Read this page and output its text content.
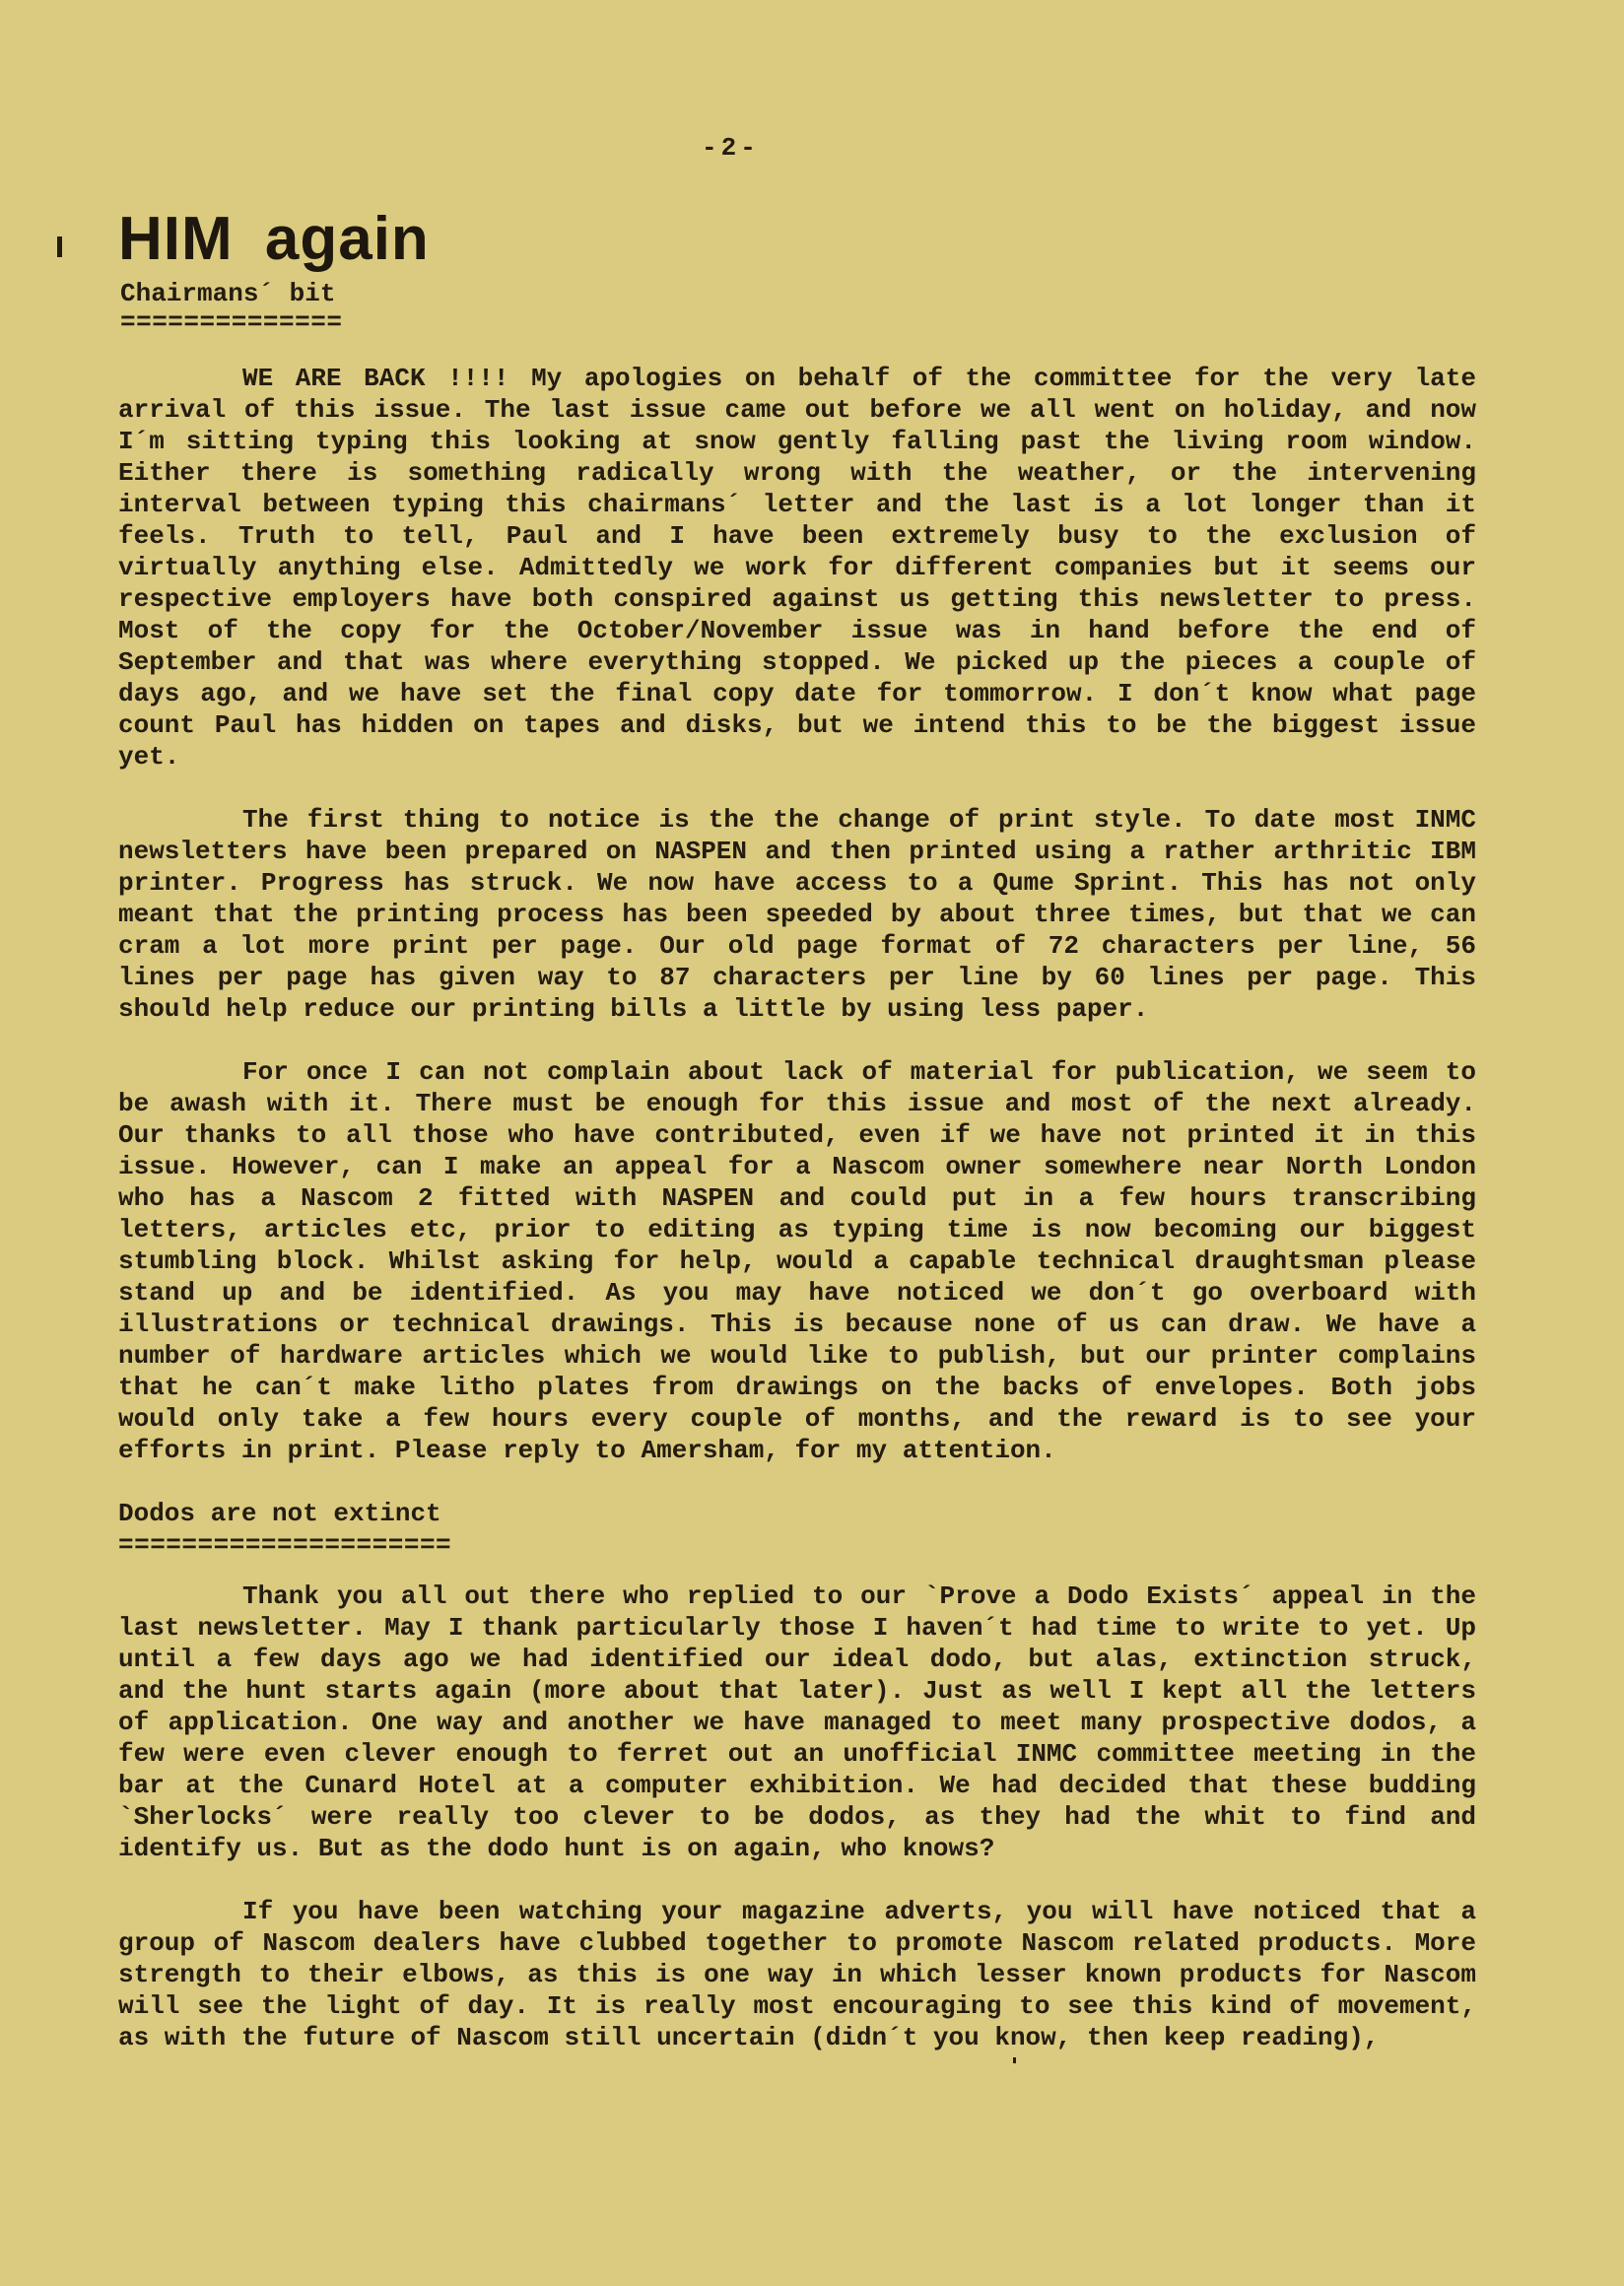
-2-
HIM again
Chairmans´ bit
==============
WE ARE BACK !!!! My apologies on behalf of the committee for the very late
arrival of this issue. The last issue came out before we all went on holiday, and now
I´m sitting typing this looking at snow gently falling past the living room window.
Either there is something radically wrong with the weather, or the intervening
interval between typing this chairmans´ letter and the last is a lot longer than it
feels. Truth to tell, Paul and I have been extremely busy to the exclusion of
virtually anything else. Admittedly we work for different companies but it seems our
respective employers have both conspired against us getting this newsletter to press.
Most of the copy for the October/November issue was in hand before the end of
September and that was where everything stopped. We picked up the pieces a couple of
days ago, and we have set the final copy date for tommorrow. I don´t know what page
count Paul has hidden on tapes and disks, but we intend this to be the biggest issue
yet.
The first thing to notice is the the change of print style. To date most INMC
newsletters have been prepared on NASPEN and then printed using a rather arthritic IBM
printer. Progress has struck. We now have access to a Qume Sprint. This has not only
meant that the printing process has been speeded by about three times, but that we can
cram a lot more print per page. Our old page format of 72 characters per line, 56
lines per page has given way to 87 characters per line by 60 lines per page. This
should help reduce our printing bills a little by using less paper.
For once I can not complain about lack of material for publication, we seem to
be awash with it. There must be enough for this issue and most of the next already.
Our thanks to all those who have contributed, even if we have not printed it in this
issue. However, can I make an appeal for a Nascom owner somewhere near North London
who has a Nascom 2 fitted with NASPEN and could put in a few hours transcribing
letters, articles etc, prior to editing as typing time is now becoming our biggest
stumbling block. Whilst asking for help, would a capable technical draughtsman please
stand up and be identified. As you may have noticed we don´t go overboard with
illustrations or technical drawings. This is because none of us can draw. We have a
number of hardware articles which we would like to publish, but our printer complains
that he can´t make litho plates from drawings on the backs of envelopes. Both jobs
would only take a few hours every couple of months, and the reward is to see your
efforts in print. Please reply to Amersham, for my attention.
Dodos are not extinct
=====================
Thank you all out there who replied to our `Prove a Dodo Exists´ appeal in the
last newsletter. May I thank particularly those I haven´t had time to write to yet. Up
until a few days ago we had identified our ideal dodo, but alas, extinction struck,
and the hunt starts again (more about that later). Just as well I kept all the letters
of application. One way and another we have managed to meet many prospective dodos, a
few were even clever enough to ferret out an unofficial INMC committee meeting in the
bar at the Cunard Hotel at a computer exhibition. We had decided that these budding
`Sherlocks´ were really too clever to be dodos, as they had the whit to find and
identify us. But as the dodo hunt is on again, who knows?
If you have been watching your magazine adverts, you will have noticed that a
group of Nascom dealers have clubbed together to promote Nascom related products. More
strength to their elbows, as this is one way in which lesser known products for Nascom
will see the light of day. It is really most encouraging to see this kind of movement,
as with the future of Nascom still uncertain (didn´t you know, then keep reading),
